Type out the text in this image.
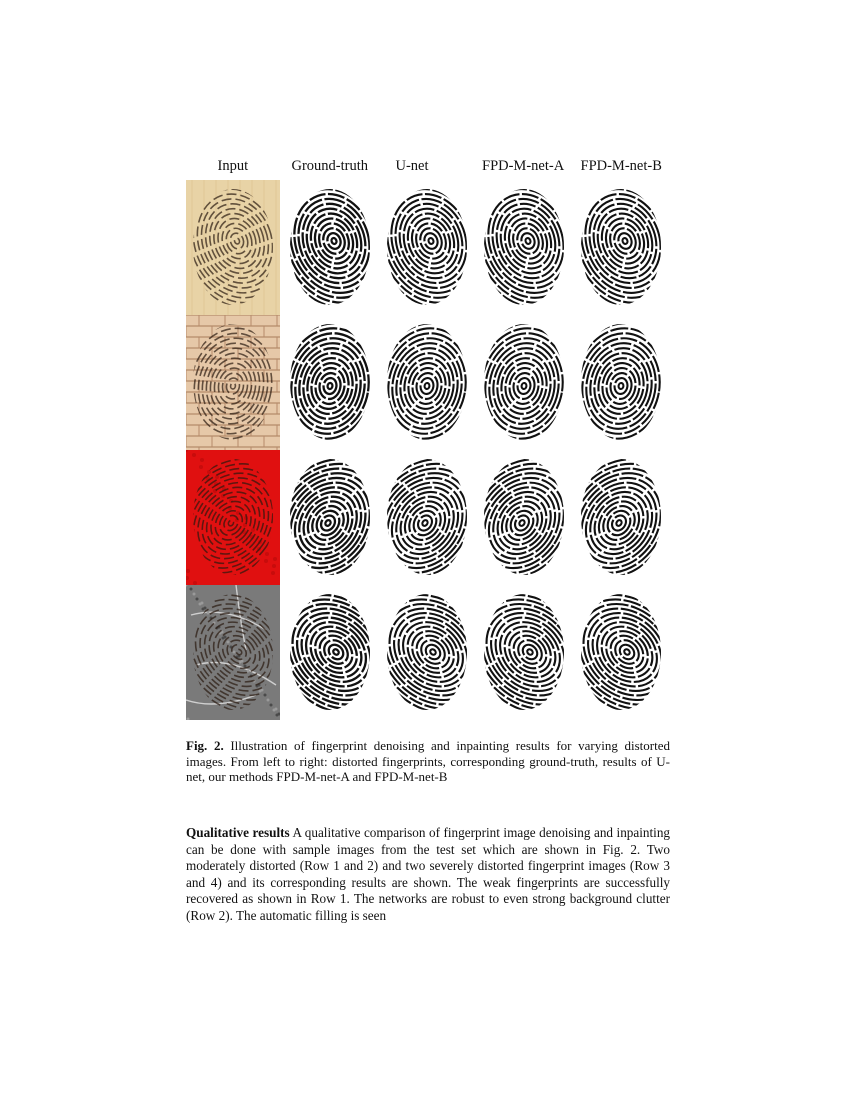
Input	Ground-truth U-net	FPD-M-net-A FPD-M-net-B
Fig. 2. Illustration of fingerprint denoising and inpainting results for varying distorted images. From left to right: distorted fingerprints, corresponding ground-truth, results of U-net, our methods FPD-M-net-A and FPD-M-net-B
Qualitative results A qualitative comparison of fingerprint image denoising and inpainting can be done with sample images from the test set which are shown in Fig. 2. Two moderately distorted (Row 1 and 2) and two severely distorted fingerprint images (Row 3 and 4) and its corresponding results are shown. The weak fingerprints are successfully recovered as shown in Row 1. The networks are robust to even strong background clutter (Row 2). The automatic filling is seen
